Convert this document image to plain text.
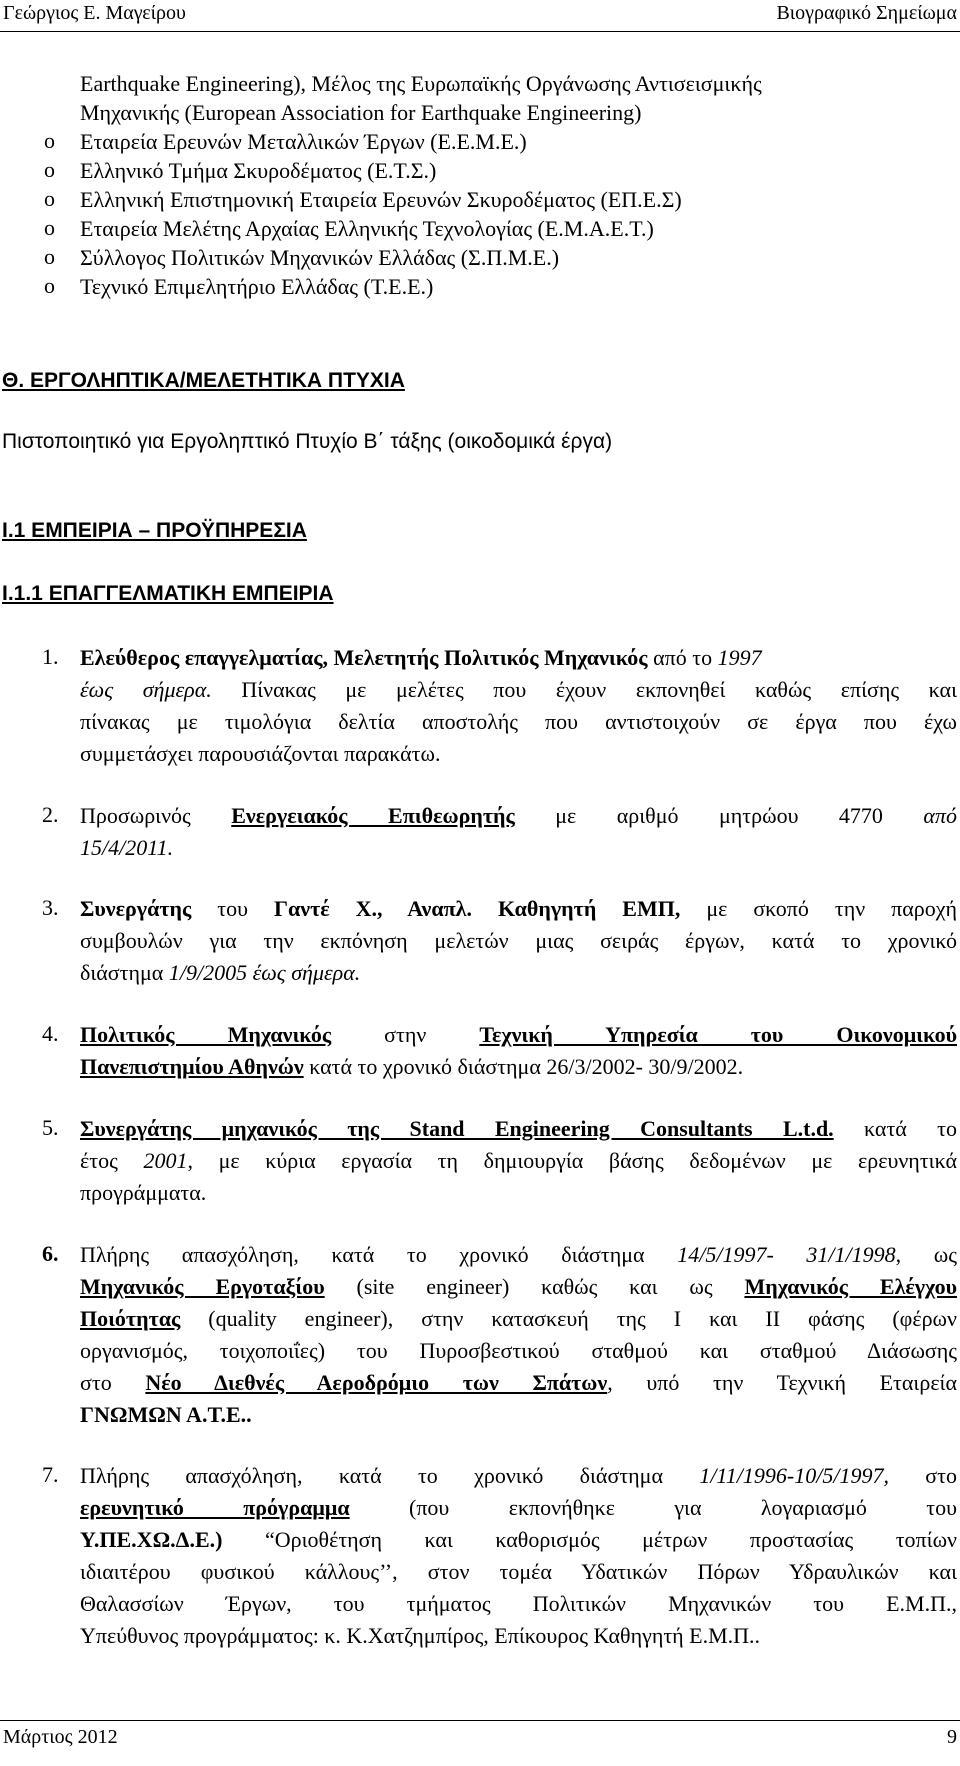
Γεώργιος Ε. Μαγείρου	Βιογραφικό Σημείωμα
Earthquake Engineering), Μέλος της Ευρωπαϊκής Οργάνωσης Αντισεισμικής
Μηχανικής (European Association for Earthquake Engineering)
o Εταιρεία Ερευνών Μεταλλικών Έργων (Ε.Ε.Μ.Ε.)
o Ελληνικό Τμήμα Σκυροδέματος (Ε.Τ.Σ.)
o Ελληνική Επιστημονική Εταιρεία Ερευνών Σκυροδέματος (ΕΠ.Ε.Σ)
o Εταιρεία Μελέτης Αρχαίας Ελληνικής Τεχνολογίας (Ε.Μ.Α.Ε.Τ.)
o Σύλλογος Πολιτικών Μηχανικών Ελλάδας (Σ.Π.Μ.Ε.)
o Τεχνικό Επιμελητήριο Ελλάδας (Τ.Ε.Ε.)
Θ. ΕΡΓΟΛΗΠΤΙΚΑ/ΜΕΛΕΤΗΤΙΚΑ ΠΤΥΧΙΑ
Πιστοποιητικό για Εργοληπτικό Πτυχίο Β΄ τάξης (οικοδομικά έργα)
Ι.1 ΕΜΠΕΙΡΙΑ – ΠΡΟΫΠΗΡΕΣΙΑ
Ι.1.1 ΕΠΑΓΓΕΛΜΑΤΙΚΗ ΕΜΠΕΙΡΙΑ
1. Ελεύθερος επαγγελματίας, Μελετητής Πολιτικός Μηχανικός από το 1997
έως σήμερα. Πίνακας με μελέτες που έχουν εκπονηθεί καθώς επίσης και
πίνακας με τιμολόγια δελτία αποστολής που αντιστοιχούν σε έργα που έχω
συμμετάσχει παρουσιάζονται παρακάτω.
2. Προσωρινός Ενεργειακός Επιθεωρητής με αριθμό μητρώου 4770 από
15/4/2011.
3. Συνεργάτης του Γαντέ Χ., Αναπλ. Καθηγητή ΕΜΠ, με σκοπό την παροχή
συμβουλών για την εκπόνηση μελετών μιας σειράς έργων, κατά το χρονικό
διάστημα 1/9/2005 έως σήμερα.
4. Πολιτικός Μηχανικός στην Τεχνική Υπηρεσία του Οικονομικού
Πανεπιστημίου Αθηνών κατά το χρονικό διάστημα 26/3/2002- 30/9/2002.
5. Συνεργάτης μηχανικός της Stand Engineering Consultants L.t.d. κατά το
έτος 2001, με κύρια εργασία τη δημιουργία βάσης δεδομένων με ερευνητικά
προγράμματα.
6. Πλήρης απασχόληση, κατά το χρονικό διάστημα 14/5/1997- 31/1/1998, ως
Μηχανικός Εργοταξίου (site engineer) καθώς και ως Μηχανικός Ελέγχου
Ποιότητας (quality engineer), στην κατασκευή της Ι και ΙΙ φάσης (φέρων
οργανισμός, τοιχοποιΐες) του Πυροσβεστικού σταθμού και σταθμού Διάσωσης
στο Νέο Διεθνές Αεροδρόμιο των Σπάτων, υπό την Τεχνική Εταιρεία
ΓΝΩΜΩΝ Α.Τ.Ε..
7. Πλήρης απασχόληση, κατά το χρονικό διάστημα 1/11/1996-10/5/1997, στο
ερευνητικό πρόγραμμα (που εκπονήθηκε για λογαριασμό του
Υ.ΠΕ.ΧΩ.Δ.Ε.) “Οριοθέτηση και καθορισμός μέτρων προστασίας τοπίων
ιδιαιτέρου φυσικού κάλλους’’, στον τομέα Υδατικών Πόρων Υδραυλικών και
Θαλασσίων Έργων, του τμήματος Πολιτικών Μηχανικών του Ε.Μ.Π.,
Υπεύθυνος προγράμματος: κ. Κ.Χατζημπίρος, Επίκουρος Καθηγητή Ε.Μ.Π..
Μάρτιος 2012	9
